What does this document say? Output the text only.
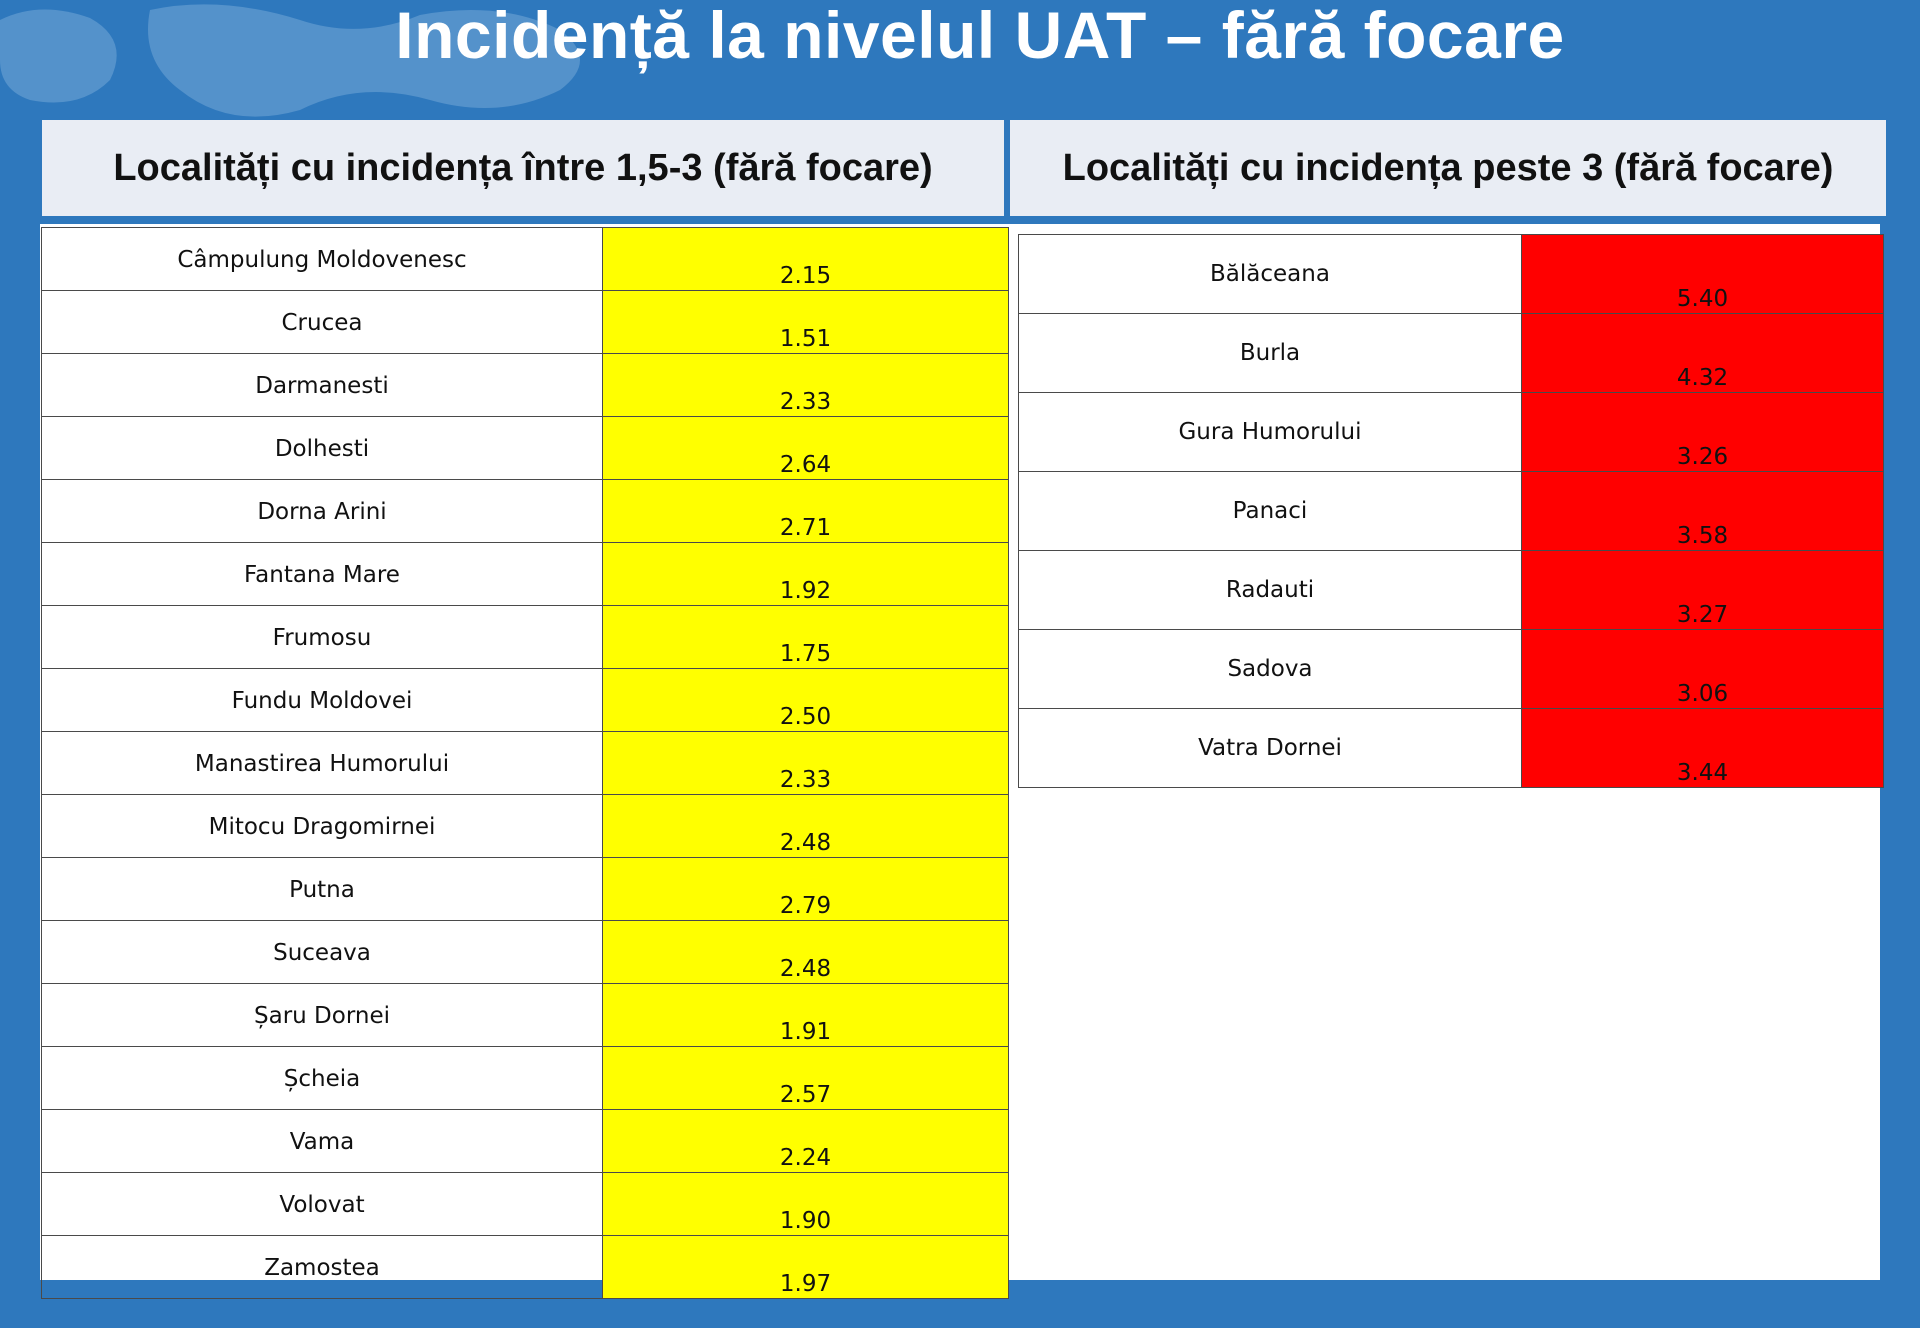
Incidență la nivelul UAT – fără focare
Localități cu incidența între 1,5-3 (fără focare)	Localități cu incidența peste 3 (fără focare)
Câmpulung Moldovenesc	2.15
Crucea	1.51
Darmanesti	2.33
Dolhesti	2.64
Dorna Arini	2.71
Fantana Mare	1.92
Frumosu	1.75
Fundu Moldovei	2.50
Manastirea Humorului	2.33
Mitocu Dragomirnei	2.48
Putna	2.79
Suceava	2.48
Șaru Dornei	1.91
Șcheia	2.57
Vama	2.24
Volovat	1.90
Zamostea	1.97
Bălăceana	5.40
Burla	4.32
Gura Humorului	3.26
Panaci	3.58
Radauti	3.27
Sadova	3.06
Vatra Dornei	3.44
